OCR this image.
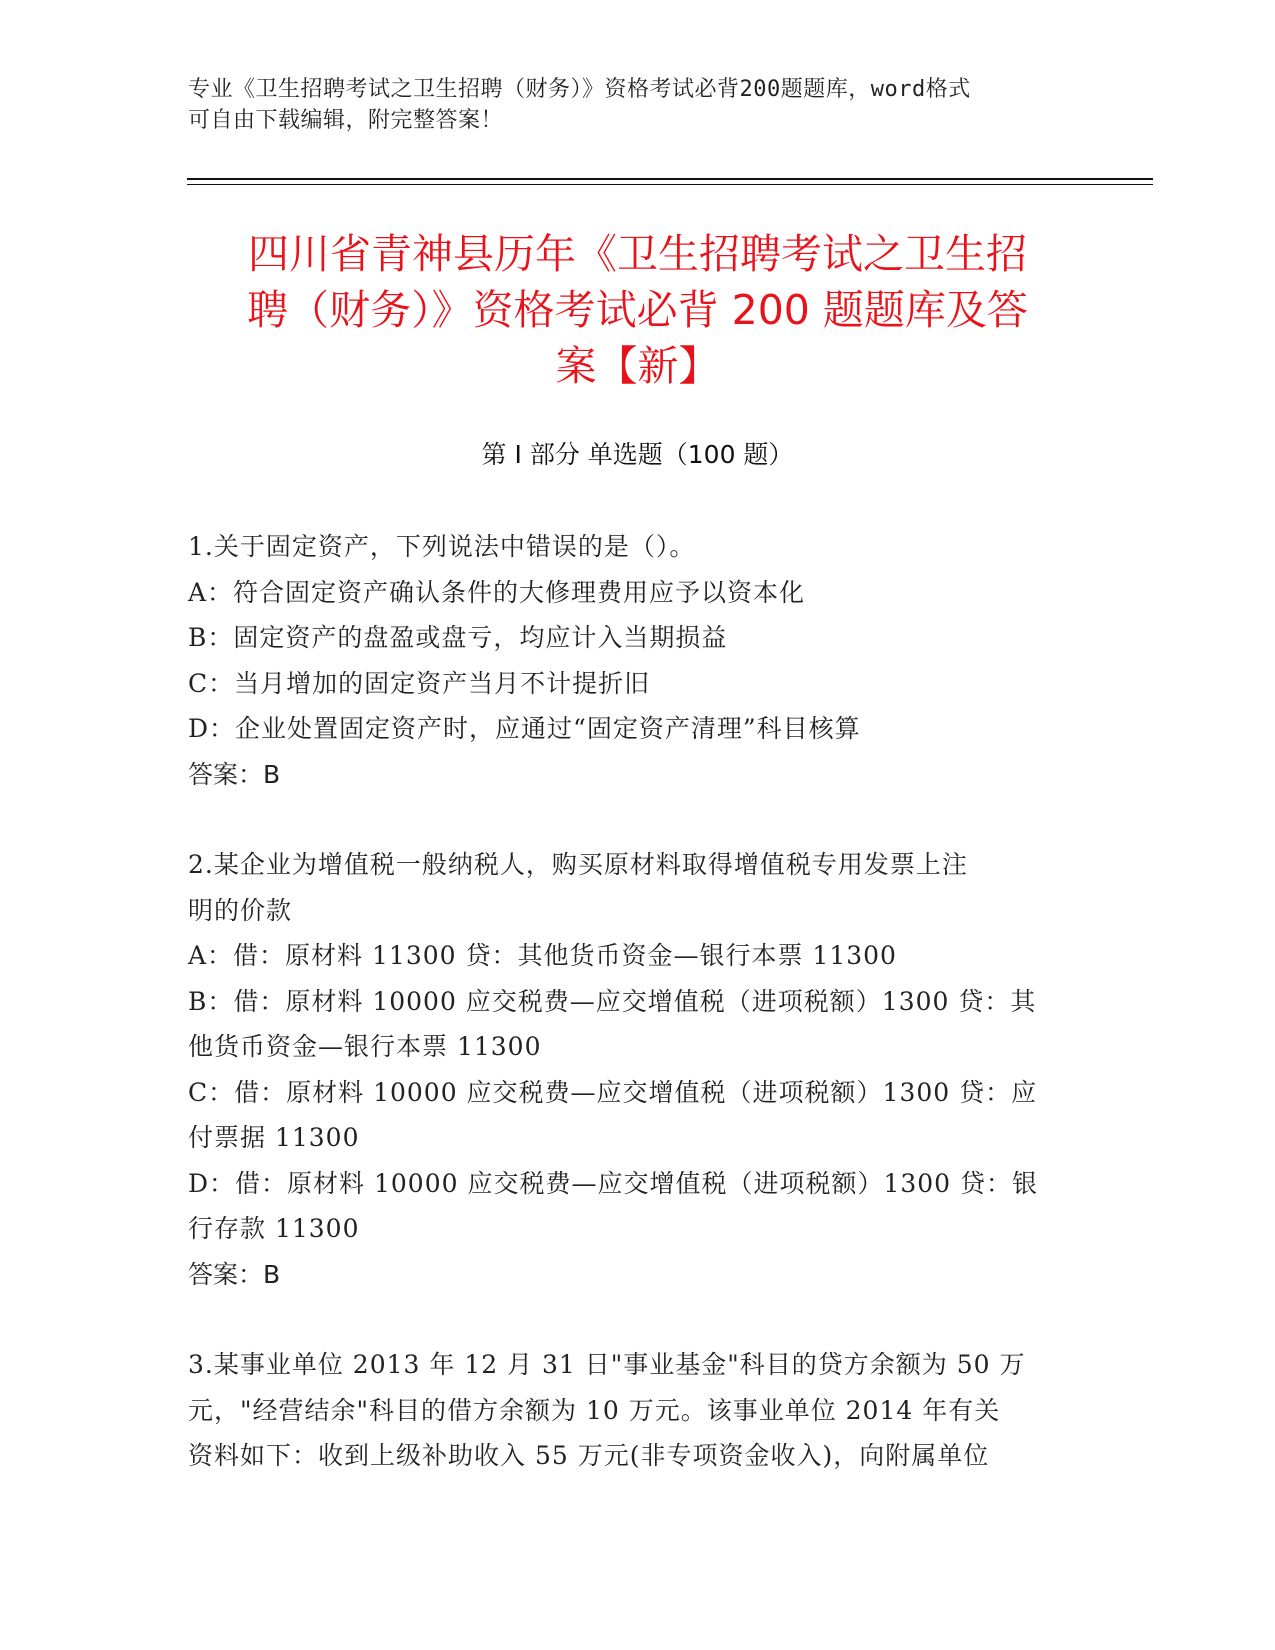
专业《卫生招聘考试之卫生招聘（财务）》资格考试必背200题题库，word格式
可自由下载编辑，附完整答案！
四川省青神县历年《卫生招聘考试之卫生招
聘（财务）》资格考试必背 200 题题库及答
案【新】
第 I 部分 单选题（100 题）
1.关于固定资产，下列说法中错误的是（）。
A：符合固定资产确认条件的大修理费用应予以资本化
B：固定资产的盘盈或盘亏，均应计入当期损益
C：当月增加的固定资产当月不计提折旧
D：企业处置固定资产时，应通过“固定资产清理”科目核算
答案：B
2.某企业为增值税一般纳税人，购买原材料取得增值税专用发票上注
明的价款
A：借：原材料 11300 贷：其他货币资金—银行本票 11300
B：借：原材料 10000 应交税费—应交增值税（进项税额）1300 贷：其
他货币资金—银行本票 11300
C：借：原材料 10000 应交税费—应交增值税（进项税额）1300 贷：应
付票据 11300
D：借：原材料 10000 应交税费—应交增值税（进项税额）1300 贷：银
行存款 11300
答案：B
3.某事业单位 2013 年 12 月 31 日"事业基金"科目的贷方余额为 50 万
元，"经营结余"科目的借方余额为 10 万元。该事业单位 2014 年有关
资料如下：收到上级补助收入 55 万元(非专项资金收入)，向附属单位
